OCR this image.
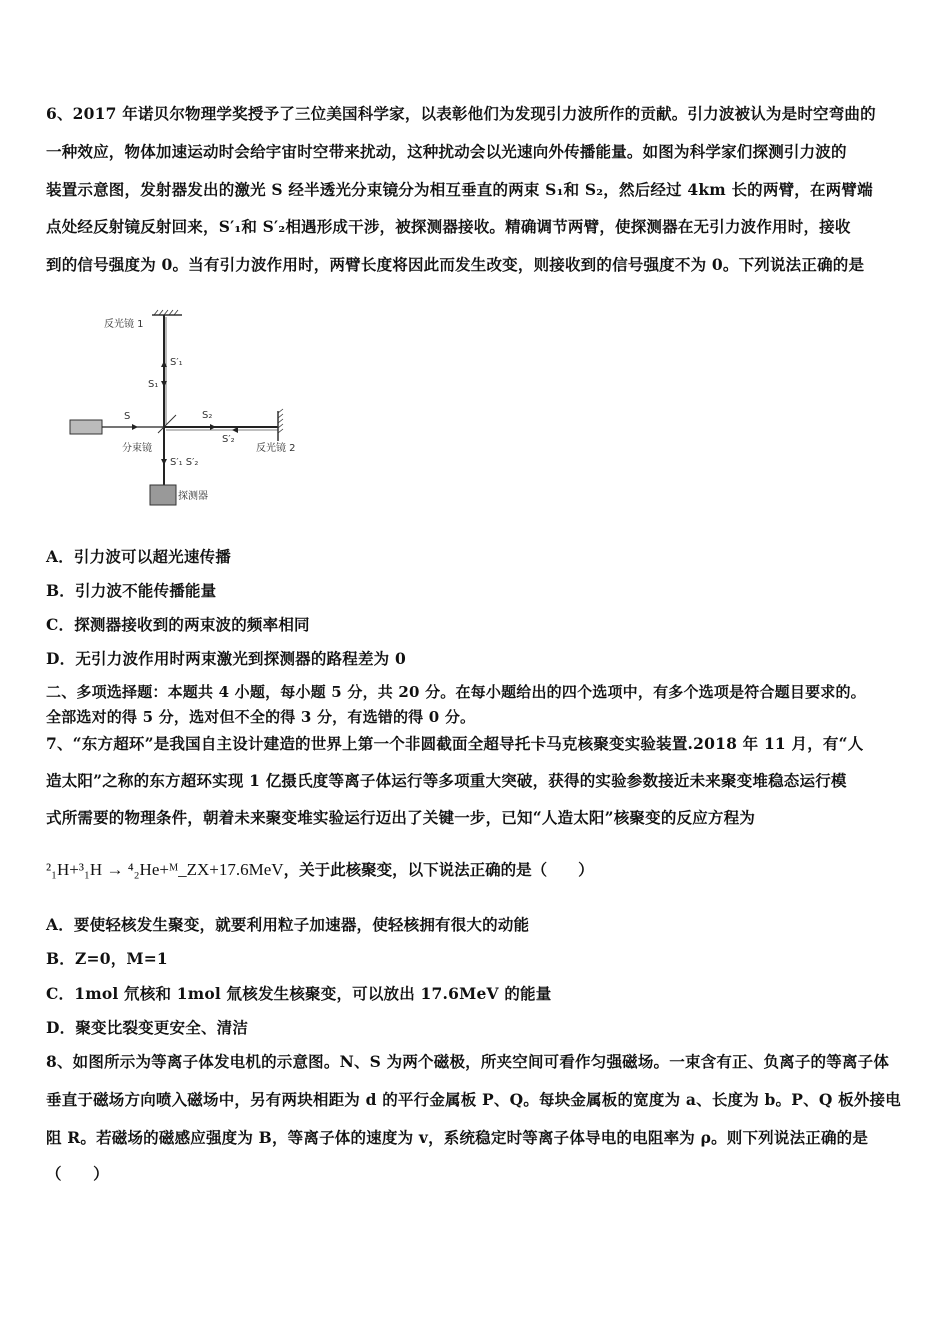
6、2017 年诺贝尔物理学奖授予了三位美国科学家，以表彰他们为发现引力波所作的贡献。引力波被认为是时空弯曲的
一种效应，物体加速运动时会给宇宙时空带来扰动，这种扰动会以光速向外传播能量。如图为科学家们探测引力波的
装置示意图，发射器发出的激光 S 经半透光分束镜分为相互垂直的两束 S₁和 S₂，然后经过 4km 长的两臂，在两臂端
点处经反射镜反射回来，S′₁和 S′₂相遇形成干涉，被探测器接收。精确调节两臂，使探测器在无引力波作用时，接收
到的信号强度为 0。当有引力波作用时，两臂长度将因此而发生改变，则接收到的信号强度不为 0。下列说法正确的是
反光镜 1
S′₁
S₁
S
分束镜
S₂
S′₂
反光镜 2
S′₁ S′₂
探测器
A．引力波可以超光速传播
B．引力波不能传播能量
C．探测器接收到的两束波的频率相同
D．无引力波作用时两束激光到探测器的路程差为 0
二、多项选择题：本题共 4 小题，每小题 5 分，共 20 分。在每小题给出的四个选项中，有多个选项是符合题目要求的。
全部选对的得 5 分，选对但不全的得 3 分，有选错的得 0 分。
7、“东方超环”是我国自主设计建造的世界上第一个非圆截面全超导托卡马克核聚变实验装置.2018 年 11 月，有“人
造太阳”之称的东方超环实现 1 亿摄氏度等离子体运行等多项重大突破，获得的实验参数接近未来聚变堆稳态运行模
式所需要的物理条件，朝着未来聚变堆实验运行迈出了关键一步，已知“人造太阳”核聚变的反应方程为
²₁H+³₁H → ⁴₂He+ᴹ_ZX+17.6MeV，关于此核聚变，以下说法正确的是（　　）
A．要使轻核发生聚变，就要利用粒子加速器，使轻核拥有很大的动能
B．Z=0，M=1
C．1mol 氘核和 1mol 氚核发生核聚变，可以放出 17.6MeV 的能量
D．聚变比裂变更安全、清洁
8、如图所示为等离子体发电机的示意图。N、S 为两个磁极，所夹空间可看作匀强磁场。一束含有正、负离子的等离子体
垂直于磁场方向喷入磁场中，另有两块相距为 d 的平行金属板 P、Q。每块金属板的宽度为 a、长度为 b。P、Q 板外接电
阻 R。若磁场的磁感应强度为 B，等离子体的速度为 v，系统稳定时等离子体导电的电阻率为 ρ。则下列说法正确的是
（　　）
